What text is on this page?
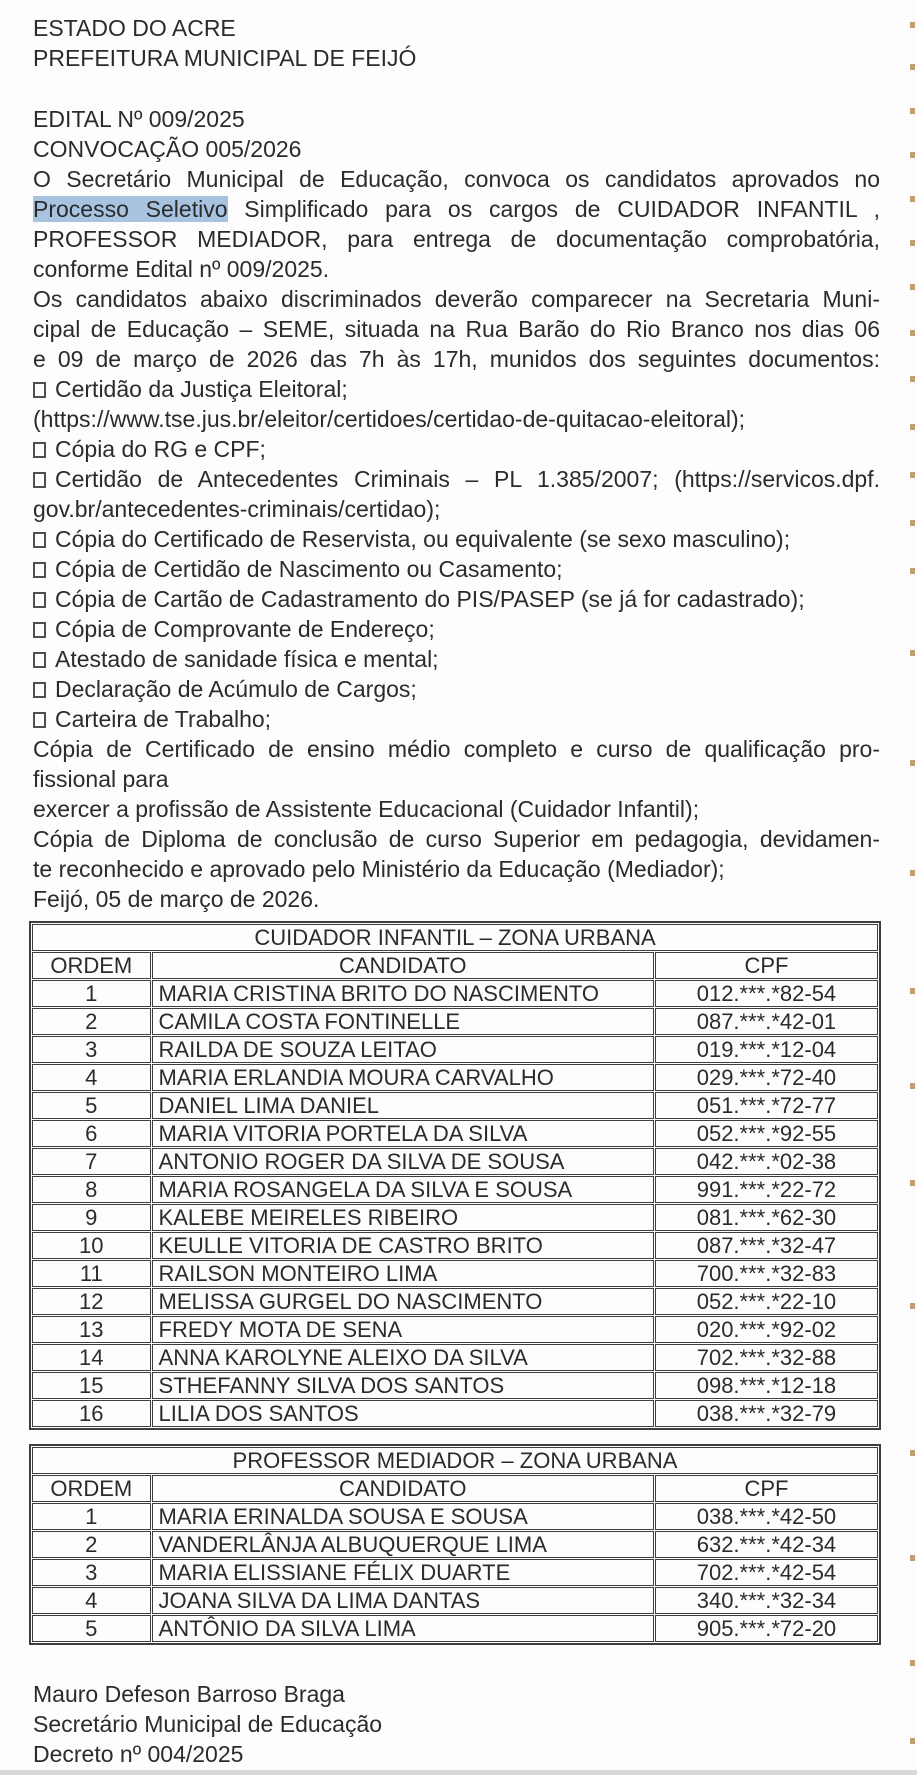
ESTADO DO ACRE
PREFEITURA MUNICIPAL DE FEIJÓ
EDITAL Nº 009/2025
CONVOCAÇÃO 005/2026
O Secretário Municipal de Educação, convoca os candidatos aprovados no
Processo Seletivo Simplificado para os cargos de CUIDADOR INFANTIL ,
PROFESSOR MEDIADOR, para entrega de documentação comprobatória,
conforme Edital nº 009/2025.
Os candidatos abaixo discriminados deverão comparecer na Secretaria Muni-
cipal de Educação – SEME, situada na Rua Barão do Rio Branco nos dias 06
e 09 de março de 2026 das 7h às 17h, munidos dos seguintes documentos:
Certidão da Justiça Eleitoral;
(https://www.tse.jus.br/eleitor/certidoes/certidao-de-quitacao-eleitoral);
Cópia do RG e CPF;
Certidão de Antecedentes Criminais – PL 1.385/2007; (https://servicos.dpf.
gov.br/antecedentes-criminais/certidao);
Cópia do Certificado de Reservista, ou equivalente (se sexo masculino);
Cópia de Certidão de Nascimento ou Casamento;
Cópia de Cartão de Cadastramento do PIS/PASEP (se já for cadastrado);
Cópia de Comprovante de Endereço;
Atestado de sanidade física e mental;
Declaração de Acúmulo de Cargos;
Carteira de Trabalho;
Cópia de Certificado de ensino médio completo e curso de qualificação pro-
fissional para
exercer a profissão de Assistente Educacional (Cuidador Infantil);
Cópia de Diploma de conclusão de curso Superior em pedagogia, devidamen-
te reconhecido e aprovado pelo Ministério da Educação (Mediador);
Feijó, 05 de março de 2026.
CUIDADOR INFANTIL – ZONA URBANA		
ORDEM	CANDIDATO	CPF
1	MARIA CRISTINA BRITO DO NASCIMENTO	012.***.*82-54
2	CAMILA COSTA FONTINELLE	087.***.*42-01
3	RAILDA DE SOUZA LEITAO	019.***.*12-04
4	MARIA ERLANDIA MOURA CARVALHO	029.***.*72-40
5	DANIEL LIMA DANIEL	051.***.*72-77
6	MARIA VITORIA PORTELA DA SILVA	052.***.*92-55
7	ANTONIO ROGER DA SILVA DE SOUSA	042.***.*02-38
8	MARIA ROSANGELA DA SILVA E SOUSA	991.***.*22-72
9	KALEBE MEIRELES RIBEIRO	081.***.*62-30
10	KEULLE VITORIA DE CASTRO BRITO	087.***.*32-47
11	RAILSON MONTEIRO LIMA	700.***.*32-83
12	MELISSA GURGEL DO NASCIMENTO	052.***.*22-10
13	FREDY MOTA DE SENA	020.***.*92-02
14	ANNA KAROLYNE ALEIXO DA SILVA	702.***.*32-88
15	STHEFANNY SILVA DOS SANTOS	098.***.*12-18
16	LILIA DOS SANTOS	038.***.*32-79
PROFESSOR MEDIADOR – ZONA URBANA		
ORDEM	CANDIDATO	CPF
1	MARIA ERINALDA SOUSA E SOUSA	038.***.*42-50
2	VANDERLÂNJA ALBUQUERQUE LIMA	632.***.*42-34
3	MARIA ELISSIANE FÉLIX DUARTE	702.***.*42-54
4	JOANA SILVA DA LIMA DANTAS	340.***.*32-34
5	ANTÔNIO DA SILVA LIMA	905.***.*72-20
Mauro Defeson Barroso Braga
Secretário Municipal de Educação
Decreto nº 004/2025
